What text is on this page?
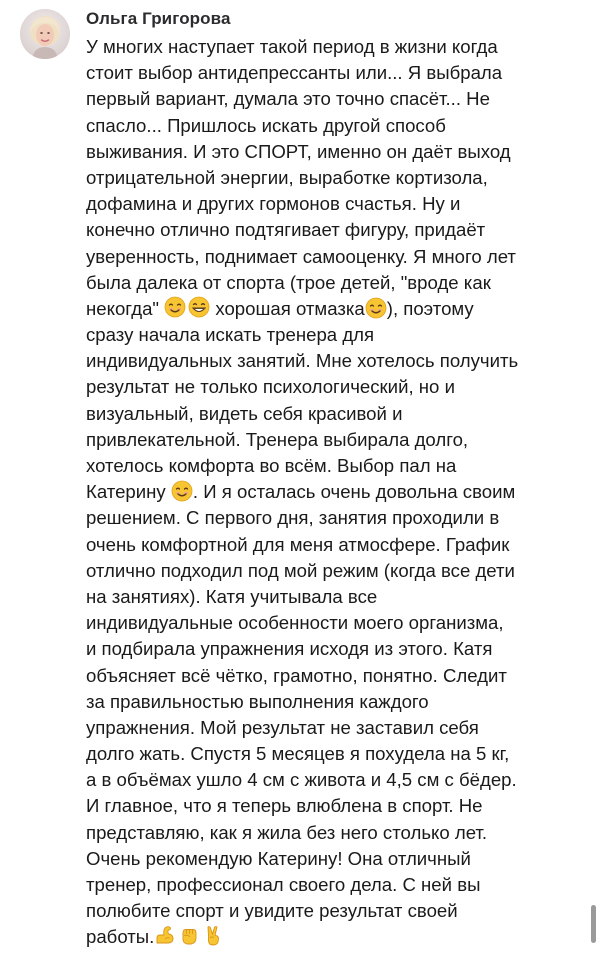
Ольга Григорова
У многих наступает такой период в жизни когда
стоит выбор антидепрессанты или... Я выбрала
первый вариант, думала это точно спасёт... Не
спасло... Пришлось искать другой способ
выживания. И это СПОРТ, именно он даёт выход
отрицательной энергии, выработке кортизола,
дофамина и других гормонов счастья. Ну и
конечно отлично подтягивает фигуру, придаёт
уверенность, поднимает самооценку. Я много лет
была далека от спорта (трое детей, "вроде как
некогда"
хорошая отмазка ), поэтому
сразу начала искать тренера для
индивидуальных занятий. Мне хотелось получить
результат не только психологический, но и
визуальный, видеть себя красивой и
привлекательной. Тренера выбирала долго,
хотелось комфорта во всём. Выбор пал на
Катерину . И я осталась очень довольна своим
решением. С первого дня, занятия проходили в
очень комфортной для меня атмосфере. График
отлично подходил под мой режим (когда все дети
на занятиях). Катя учитывала все
индивидуальные особенности моего организма,
и подбирала упражнения исходя из этого. Катя
объясняет всё чётко, грамотно, понятно. Следит
за правильностью выполнения каждого
упражнения. Мой результат не заставил себя
долго жать. Спустя 5 месяцев я похудела на 5 кг,
а в объёмах ушло 4 см с живота и 4,5 см с бёдер.
И главное, что я теперь влюблена в спорт. Не
представляю, как я жила без него столько лет.
Очень рекомендую Катерину! Она отличный
тренер, профессионал своего дела. С ней вы
полюбите спорт и увидите результат своей
работы.
